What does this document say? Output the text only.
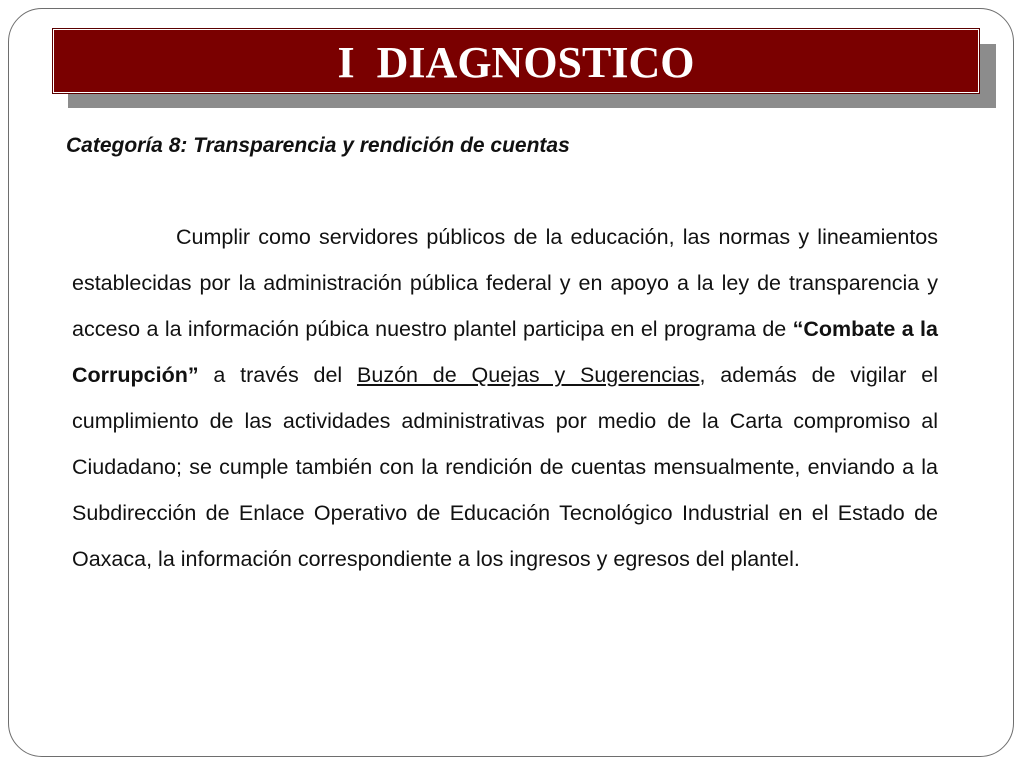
I  DIAGNOSTICO
Categoría 8: Transparencia y rendición de cuentas
Cumplir como servidores públicos de la educación, las normas y lineamientos establecidas por la administración pública federal y en apoyo a la ley de transparencia y acceso a la información púbica nuestro plantel participa en el programa de “Combate a la Corrupción” a través del Buzón de Quejas y Sugerencias, además de vigilar el cumplimiento de las actividades administrativas por medio de la Carta compromiso al Ciudadano; se cumple también con la rendición de cuentas mensualmente, enviando a la Subdirección de Enlace Operativo de Educación Tecnológico Industrial en el Estado de Oaxaca, la información correspondiente a los ingresos y egresos del plantel.
